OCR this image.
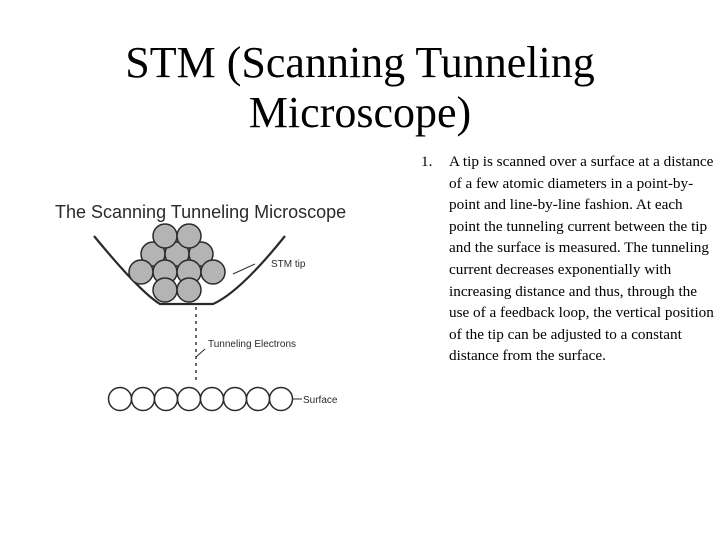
STM (Scanning Tunneling Microscope)
The Scanning Tunneling Microscope
STM tip
Tunneling Electrons
Surface
1. A tip is scanned over a surface at a distance of a few atomic diameters in a point-by-point and line-by-line fashion. At each point the tunneling current between the tip and the surface is measured. The tunneling current decreases exponentially with increasing distance and thus, through the use of a feedback loop, the vertical position of the tip can be adjusted to a constant distance from the surface.
